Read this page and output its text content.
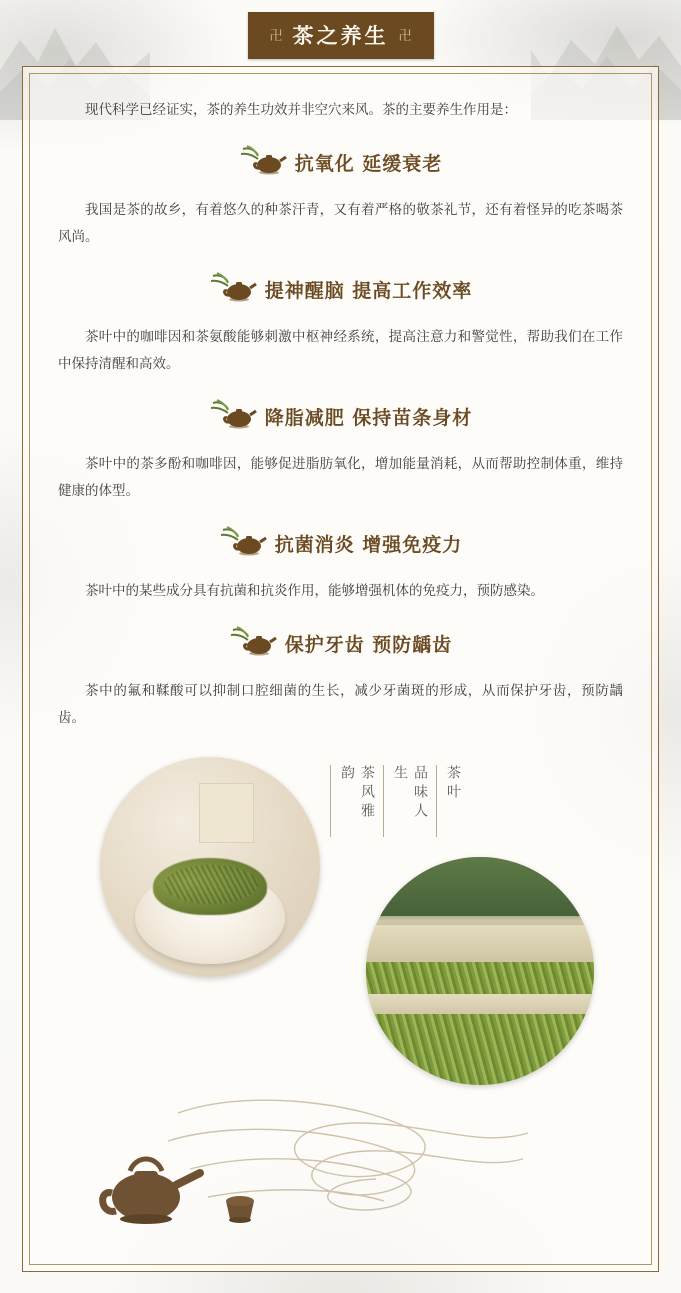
卍 茶之养生 卍

现代科学已经证实，茶的养生功效并非空穴来风。茶的主要养生作用是：

抗氧化 延缓衰老

我国是茶的故乡，有着悠久的种茶汗青，又有着严格的敬茶礼节，还有着怪异的吃茶喝茶风尚。

提神醒脑 提高工作效率

茶叶中的咖啡因和茶氨酸能够刺激中枢神经系统，提高注意力和警觉性，帮助我们在工作中保持清醒和高效。

降脂减肥 保持苗条身材

茶叶中的茶多酚和咖啡因，能够促进脂肪氧化，增加能量消耗，从而帮助控制体重，维持健康的体型。

抗菌消炎 增强免疫力

茶叶中的某些成分具有抗菌和抗炎作用，能够增强机体的免疫力，预防感染。

保护牙齿 预防龋齿

茶中的氟和鞣酸可以抑制口腔细菌的生长，减少牙菌斑的形成，从而保护牙齿，预防龋齿。

茶叶
品味人生
茶风雅韵
